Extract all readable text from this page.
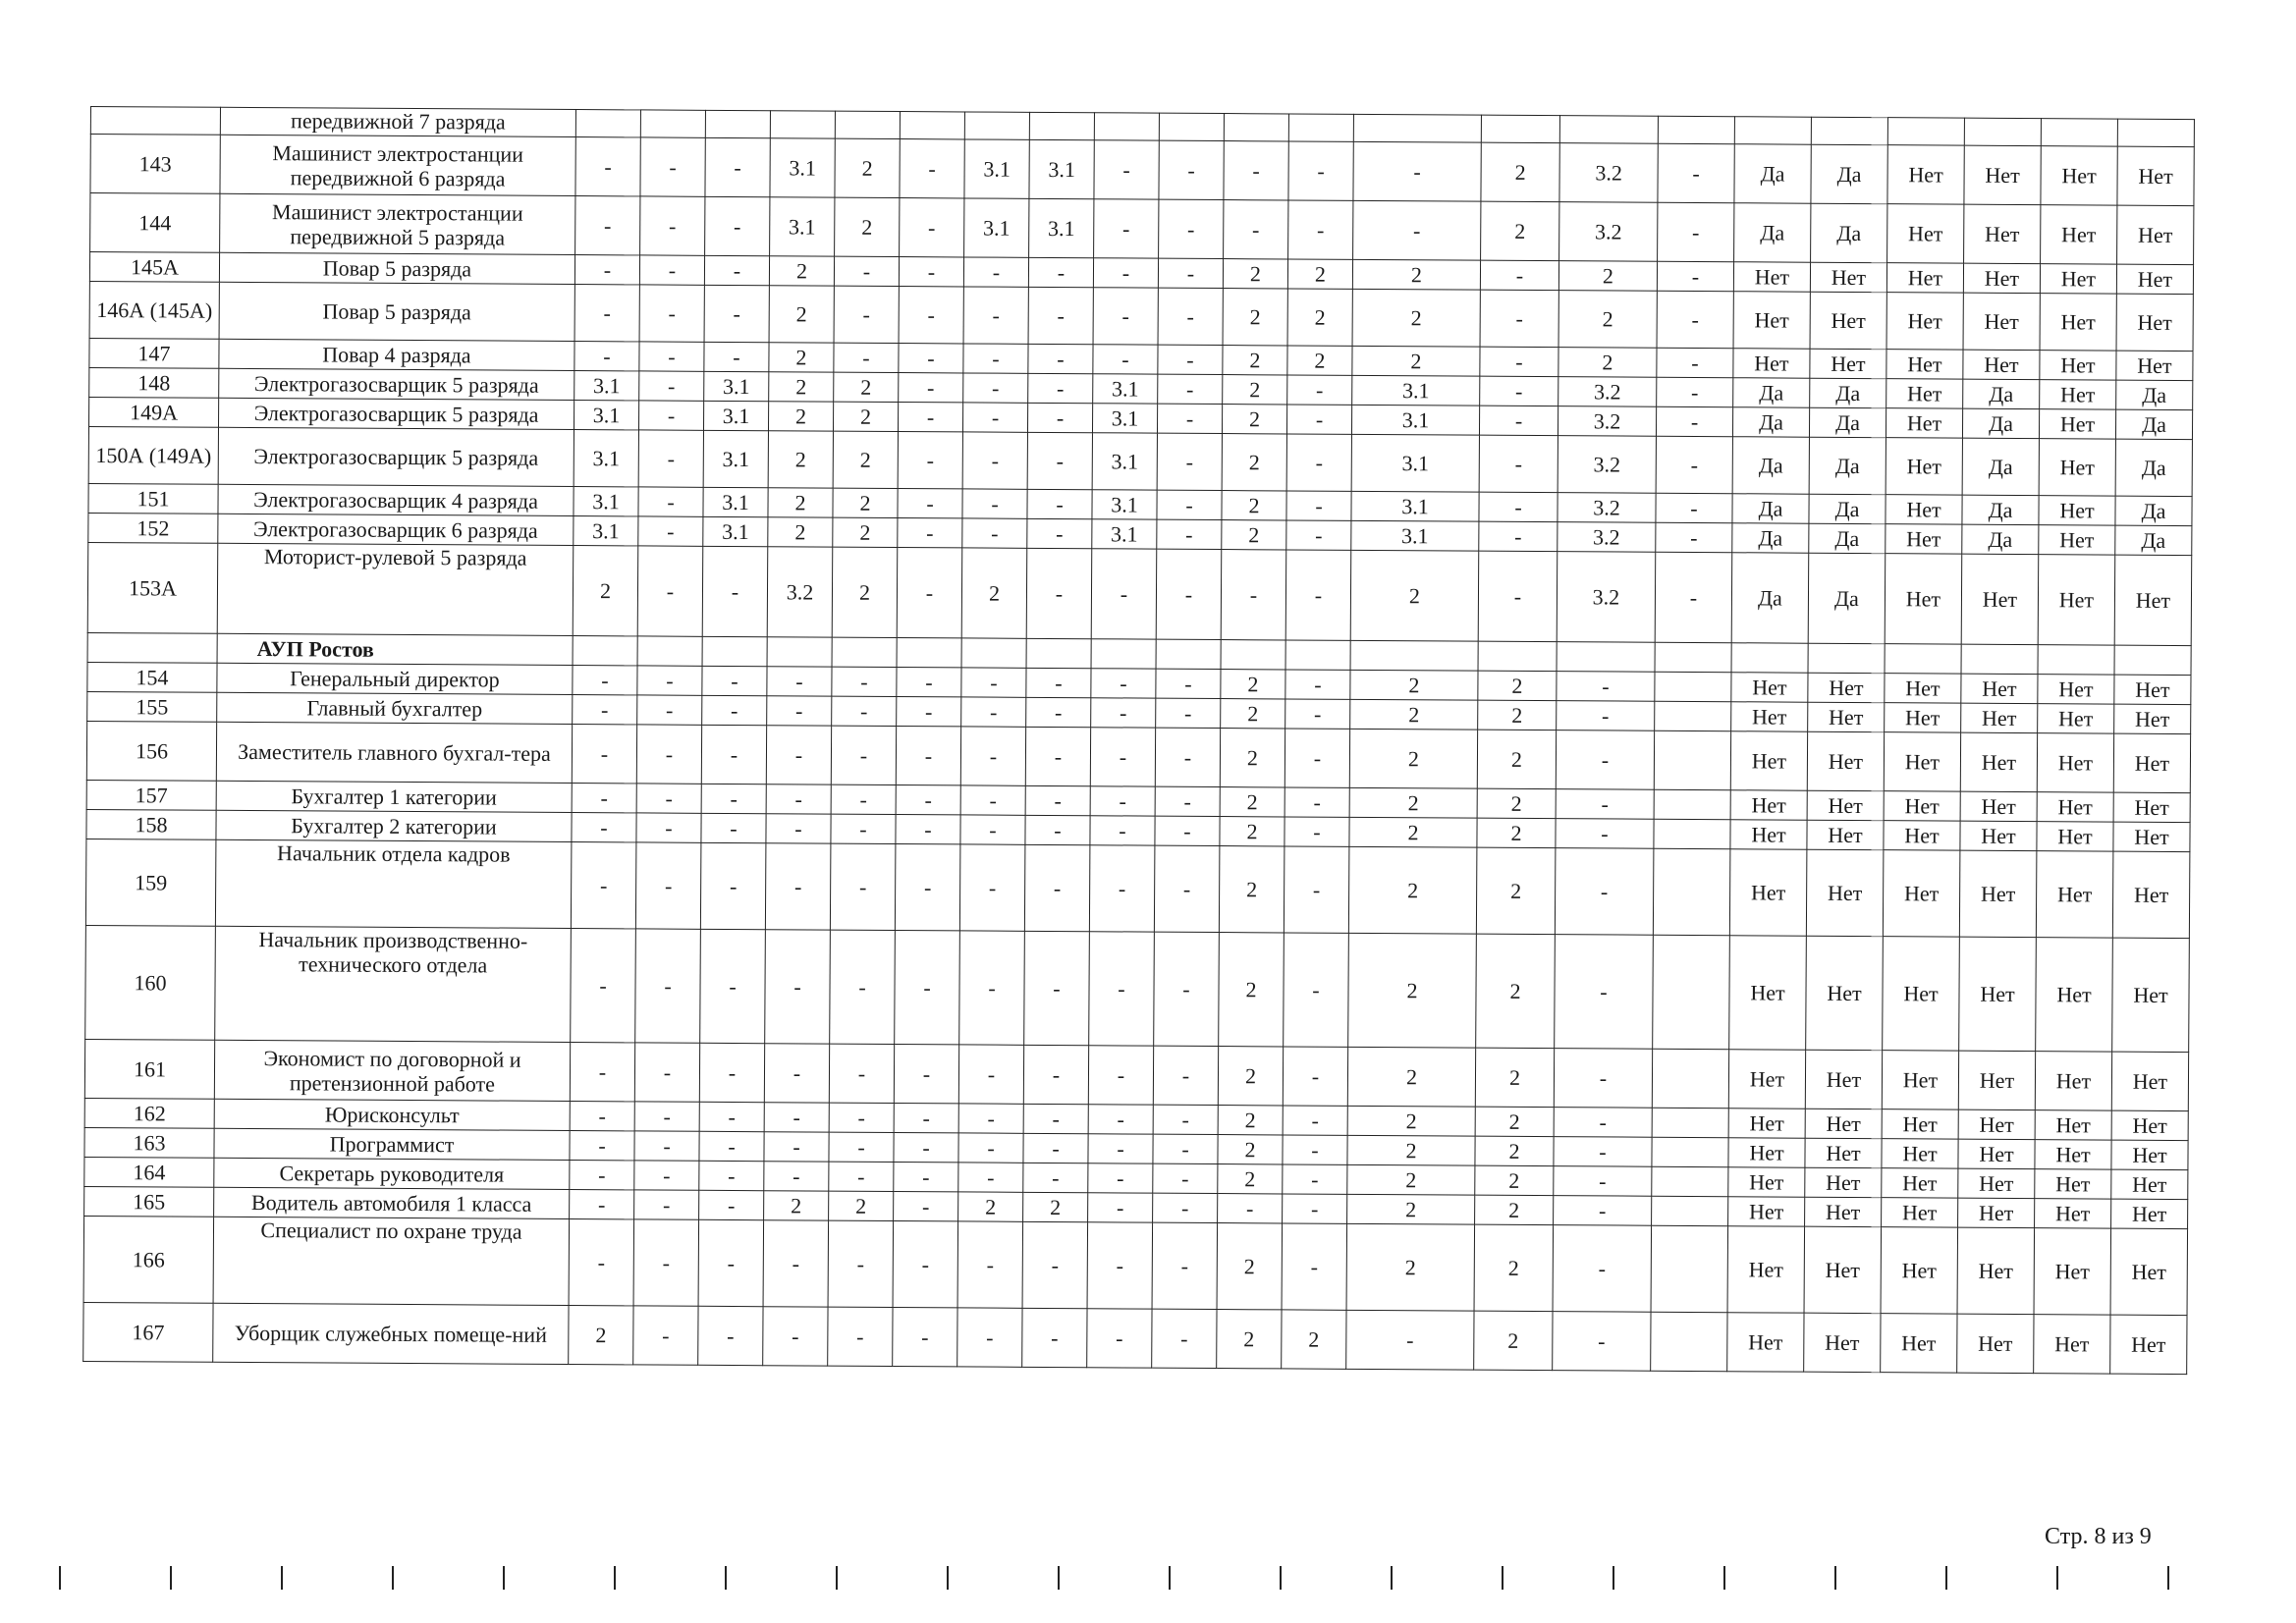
	передвижной 7 разряда																						
143	Машинист электростанции передвижной 6 разряда	-	-	-	3.1	2	-	3.1	3.1	-	-	-	-	-	2	3.2	-	Да	Да	Нет	Нет	Нет	Нет
144	Машинист электростанции передвижной 5 разряда	-	-	-	3.1	2	-	3.1	3.1	-	-	-	-	-	2	3.2	-	Да	Да	Нет	Нет	Нет	Нет
145А	Повар 5 разряда	-	-	-	2	-	-	-	-	-	-	2	2	2	-	2	-	Нет	Нет	Нет	Нет	Нет	Нет
146А (145А)	Повар 5 разряда	-	-	-	2	-	-	-	-	-	-	2	2	2	-	2	-	Нет	Нет	Нет	Нет	Нет	Нет
147	Повар 4 разряда	-	-	-	2	-	-	-	-	-	-	2	2	2	-	2	-	Нет	Нет	Нет	Нет	Нет	Нет
148	Электрогазосварщик 5 разряда	3.1	-	3.1	2	2	-	-	-	3.1	-	2	-	3.1	-	3.2	-	Да	Да	Нет	Да	Нет	Да
149А	Электрогазосварщик 5 разряда	3.1	-	3.1	2	2	-	-	-	3.1	-	2	-	3.1	-	3.2	-	Да	Да	Нет	Да	Нет	Да
150А (149А)	Электрогазосварщик 5 разряда	3.1	-	3.1	2	2	-	-	-	3.1	-	2	-	3.1	-	3.2	-	Да	Да	Нет	Да	Нет	Да
151	Электрогазосварщик 4 разряда	3.1	-	3.1	2	2	-	-	-	3.1	-	2	-	3.1	-	3.2	-	Да	Да	Нет	Да	Нет	Да
152	Электрогазосварщик 6 разряда	3.1	-	3.1	2	2	-	-	-	3.1	-	2	-	3.1	-	3.2	-	Да	Да	Нет	Да	Нет	Да
153А	Моторист-рулевой 5 разряда	2	-	-	3.2	2	-	2	-	-	-	-	-	2	-	3.2	-	Да	Да	Нет	Нет	Нет	Нет
	АУП Ростов																						
154	Генеральный директор	-	-	-	-	-	-	-	-	-	-	2	-	2	2	-		Нет	Нет	Нет	Нет	Нет	Нет
155	Главный бухгалтер	-	-	-	-	-	-	-	-	-	-	2	-	2	2	-		Нет	Нет	Нет	Нет	Нет	Нет
156	Заместитель главного бухгал-тера	-	-	-	-	-	-	-	-	-	-	2	-	2	2	-		Нет	Нет	Нет	Нет	Нет	Нет
157	Бухгалтер 1 категории	-	-	-	-	-	-	-	-	-	-	2	-	2	2	-		Нет	Нет	Нет	Нет	Нет	Нет
158	Бухгалтер 2 категории	-	-	-	-	-	-	-	-	-	-	2	-	2	2	-		Нет	Нет	Нет	Нет	Нет	Нет
159	Начальник отдела кадров	-	-	-	-	-	-	-	-	-	-	2	-	2	2	-		Нет	Нет	Нет	Нет	Нет	Нет
160	Начальник производственно-технического отдела	-	-	-	-	-	-	-	-	-	-	2	-	2	2	-		Нет	Нет	Нет	Нет	Нет	Нет
161	Экономист по договорной и претензионной работе	-	-	-	-	-	-	-	-	-	-	2	-	2	2	-		Нет	Нет	Нет	Нет	Нет	Нет
162	Юрисконсульт	-	-	-	-	-	-	-	-	-	-	2	-	2	2	-		Нет	Нет	Нет	Нет	Нет	Нет
163	Программист	-	-	-	-	-	-	-	-	-	-	2	-	2	2	-		Нет	Нет	Нет	Нет	Нет	Нет
164	Секретарь руководителя	-	-	-	-	-	-	-	-	-	-	2	-	2	2	-		Нет	Нет	Нет	Нет	Нет	Нет
165	Водитель автомобиля 1 класса	-	-	-	2	2	-	2	2	-	-	-	-	2	2	-		Нет	Нет	Нет	Нет	Нет	Нет
166	Специалист по охране труда	-	-	-	-	-	-	-	-	-	-	2	-	2	2	-		Нет	Нет	Нет	Нет	Нет	Нет
167	Уборщик служебных помеще-ний	2	-	-	-	-	-	-	-	-	-	2	2	-	2	-		Нет	Нет	Нет	Нет	Нет	Нет
Стр. 8 из 9
